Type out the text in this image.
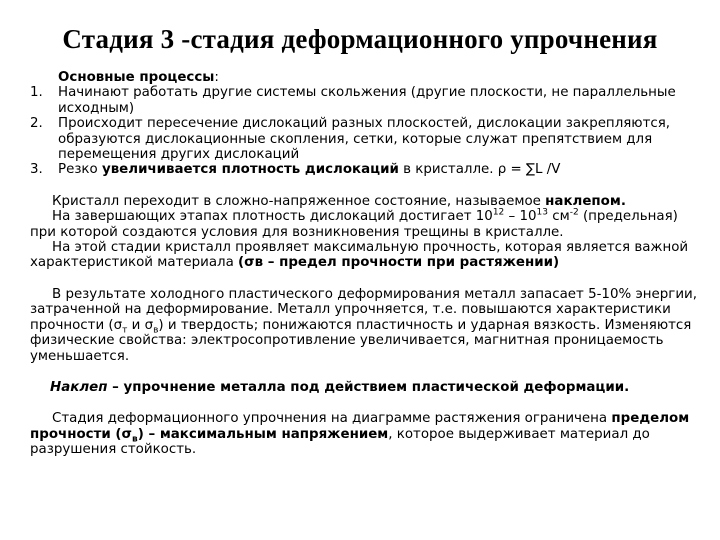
Стадия 3 -стадия деформационного упрочнения
Основные процессы:
1. Начинают работать другие системы скольжения (другие плоскости, не параллельные исходным)
2. Происходит пересечение дислокаций разных плоскостей, дислокации закрепляются, образуются дислокационные скопления, сетки, которые служат препятствием для перемещения других дислокаций
3. Резко увеличивается плотность дислокаций в кристалле. ρ = ∑L /V

Кристалл переходит в сложно-напряженное состояние, называемое наклепом.

На завершающих этапах плотность дислокаций достигает $10^{12} - 10^{13}$ $см^{-2}$ (предельная) при которой создаются условия для возникновения трещины в кристалле.

На этой стадии кристалл проявляет максимальную прочность, которая является важной характеристикой материала (σв – предел прочности при растяжении)

В результате холодного пластического деформирования металл запасает 5-10% энергии, затраченной на деформирование. Металл упрочняется, т.е. повышаются характеристики прочности ($\sigma_т$ и $\sigma_в$) и твердость; понижаются пластичность и ударная вязкость. Изменяются физические свойства: электросопротивление увеличивается, магнитная проницаемость уменьшается.

Наклеп – упрочнение металла под действием пластической деформации.

Стадия деформационного упрочнения на диаграмме растяжения ограничена пределом прочности $(\sigma_в)$ – максимальным напряжением, которое выдерживает материал до разрушения стойкость.
